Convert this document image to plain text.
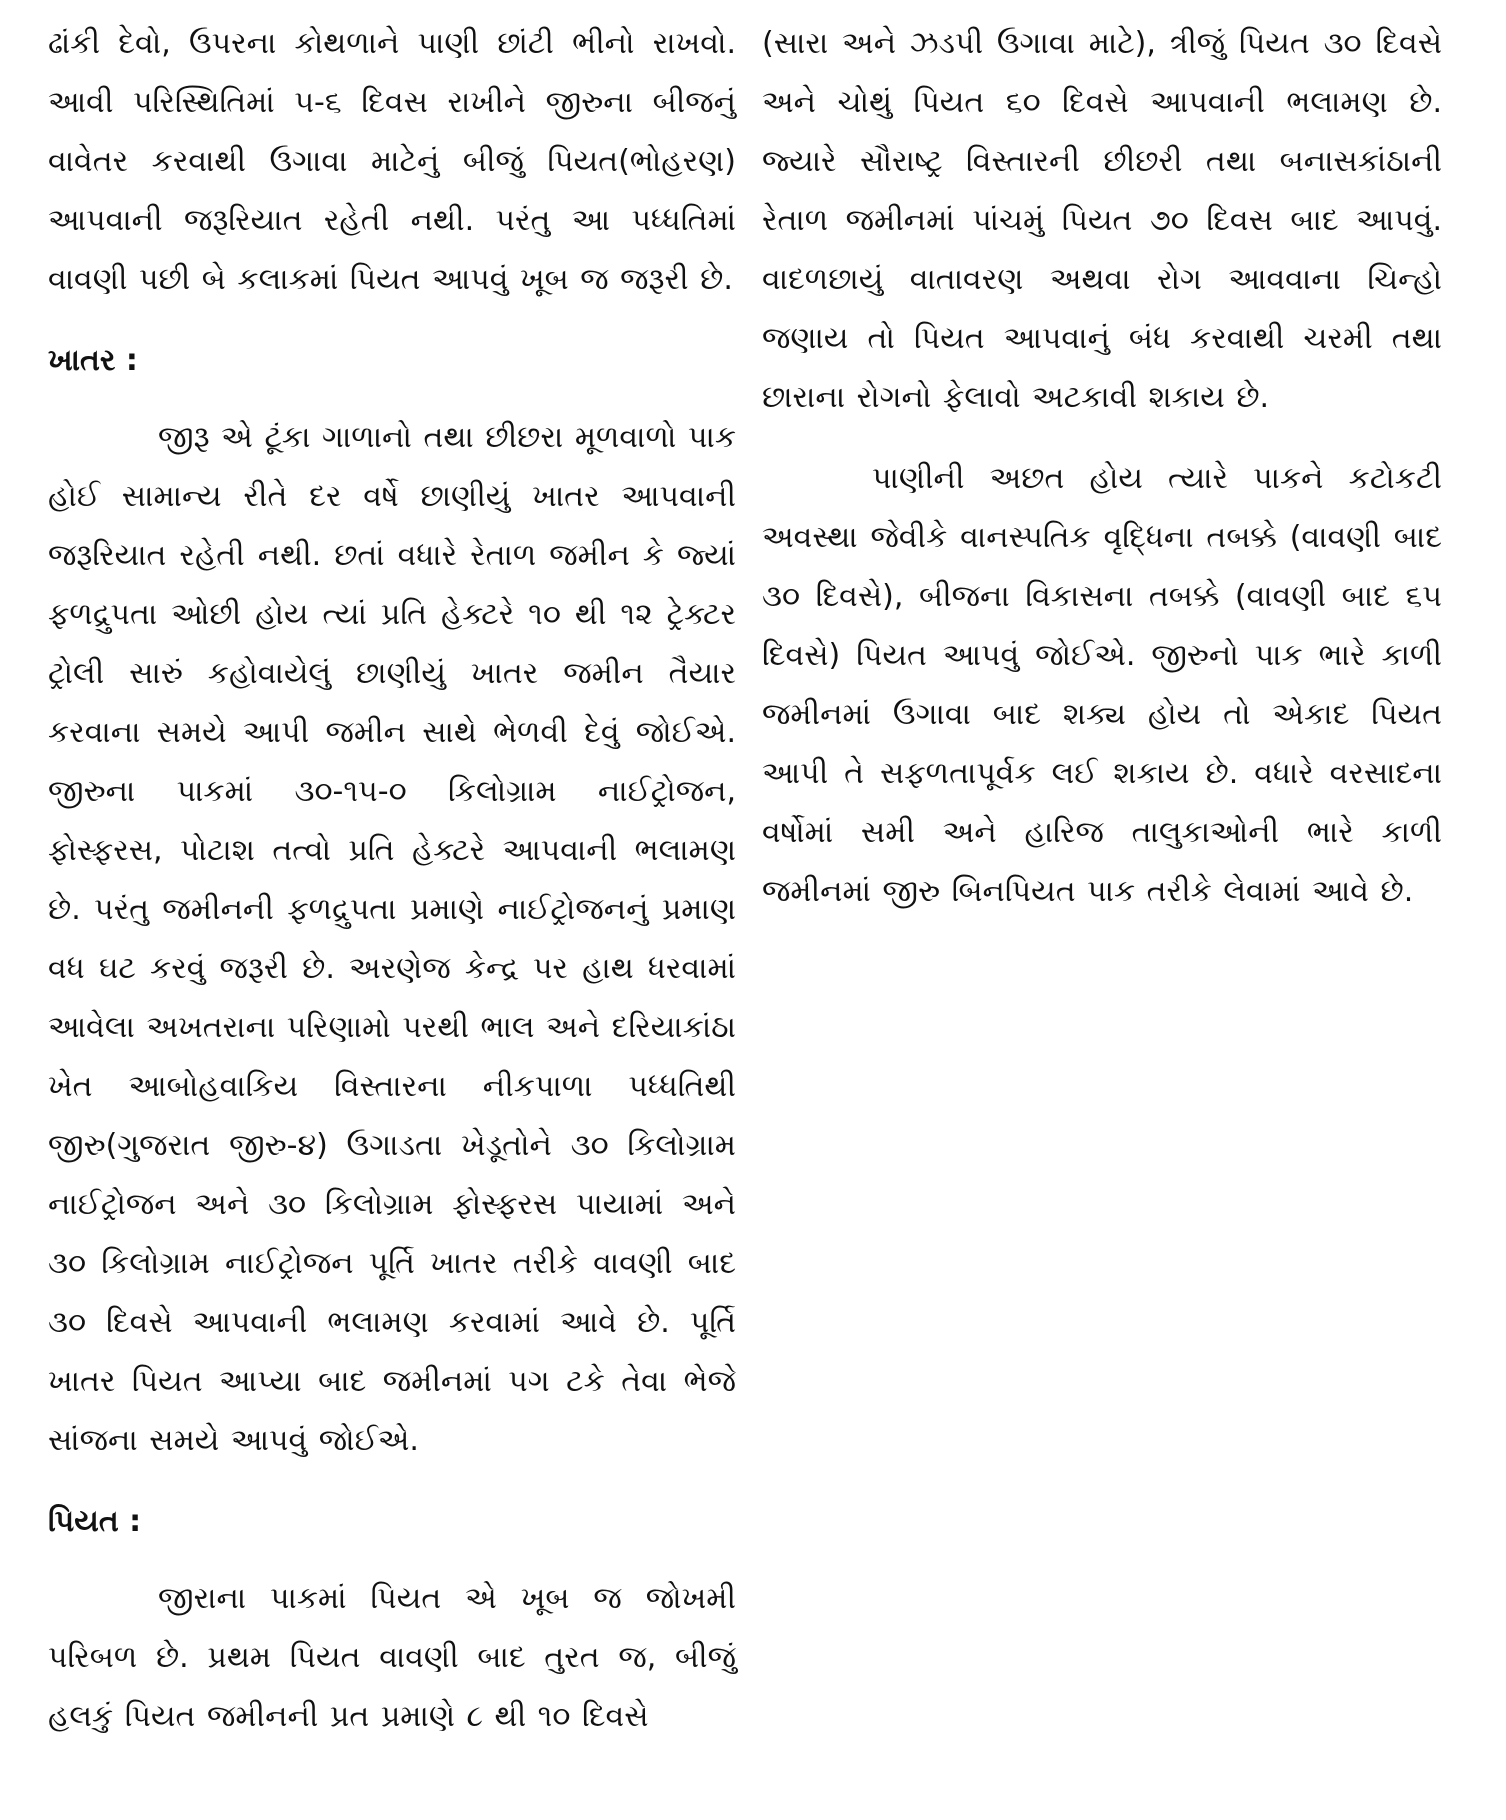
ઢાંકી દેવો, ઉપરના કોથળાને પાણી છાંટી ભીનો રાખવો. આવી પરિસ્થિતિમાં ૫-૬ દિવસ રાખીને જીરુના બીજનું વાવેતર કરવાથી ઉગાવા માટેનું બીજું પિયત(ભોહરણ) આપવાની જરૂરિયાત રહેતી નથી. પરંતુ આ પધ્ધતિમાં વાવણી પછી બે કલાકમાં પિયત આપવું ખૂબ જ જરૂરી છે.

ખાતર :

જીરૂ એ ટૂંકા ગાળાનો તથા છીછરા મૂળવાળો પાક હોઈ સામાન્ય રીતે દર વર્ષે છાણીયું ખાતર આપવાની જરૂરિયાત રહેતી નથી. છતાં વધારે રેતાળ જમીન કે જ્યાં ફળદ્રુપતા ઓછી હોય ત્યાં પ્રતિ હેક્ટરે ૧૦ થી ૧૨ ટ્રેક્ટર ટ્રોલી સારું કહોવાયેલું છાણીયું ખાતર જમીન તૈયાર કરવાના સમયે આપી જમીન સાથે ભેળવી દેવું જોઈએ. જીરુના પાકમાં ૩૦-૧૫-૦ કિલોગ્રામ નાઈટ્રોજન, ફોસ્ફરસ, પોટાશ તત્વો પ્રતિ હેક્ટરે આપવાની ભલામણ છે. પરંતુ જમીનની ફળદ્રુપતા પ્રમાણે નાઈટ્રોજનનું પ્રમાણ વધ ઘટ કરવું જરૂરી છે. અરણેજ કેન્દ્ર પર હાથ ધરવામાં આવેલા અખતરાના પરિણામો પરથી ભાલ અને દરિયાકાંઠા ખેત આબોહવાકિય વિસ્તારના નીકપાળા પધ્ધતિથી જીરુ(ગુજરાત જીરુ-૪) ઉગાડતા ખેડૂતોને ૩૦ કિલોગ્રામ નાઈટ્રોજન અને ૩૦ કિલોગ્રામ ફોસ્ફરસ પાયામાં અને ૩૦ કિલોગ્રામ નાઈટ્રોજન પૂર્તિ ખાતર તરીકે વાવણી બાદ ૩૦ દિવસે આપવાની ભલામણ કરવામાં આવે છે. પૂર્તિ ખાતર પિયત આપ્યા બાદ જમીનમાં પગ ટકે તેવા ભેજે સાંજના સમયે આપવું જોઈએ.

પિયત :

જીરાના પાકમાં પિયત એ ખૂબ જ જોખમી પરિબળ છે. પ્રથમ પિયત વાવણી બાદ તુરત જ, બીજું હલકું પિયત જમીનની પ્રત પ્રમાણે ૮ થી ૧૦ દિવસે

(સારા અને ઝડપી ઉગાવા માટે), ત્રીજું પિયત ૩૦ દિવસે અને ચોથું પિયત ૬૦ દિવસે આપવાની ભલામણ છે. જ્યારે સૌરાષ્ટ્ર વિસ્તારની છીછરી તથા બનાસકાંઠાની રેતાળ જમીનમાં પાંચમું પિયત ૭૦ દિવસ બાદ આપવું. વાદળછાયું વાતાવરણ અથવા રોગ આવવાના ચિન્હો જણાય તો પિયત આપવાનું બંધ કરવાથી ચરમી તથા છારાના રોગનો ફેલાવો અટકાવી શકાય છે.

પાણીની અછત હોય ત્યારે પાકને કટોકટી અવસ્થા જેવીકે વાનસ્પતિક વૃદ્ધિના તબક્કે (વાવણી બાદ ૩૦ દિવસે), બીજના વિકાસના તબક્કે (વાવણી બાદ ૬૫ દિવસે) પિયત આપવું જોઈએ. જીરુનો પાક ભારે કાળી જમીનમાં ઉગાવા બાદ શક્ય હોય તો એકાદ પિયત આપી તે સફળતાપૂર્વક લઈ શકાય છે. વધારે વરસાદના વર્ષોમાં સમી અને હારિજ તાલુકાઓની ભારે કાળી જમીનમાં જીરુ બિનપિયત પાક તરીકે લેવામાં આવે છે.
